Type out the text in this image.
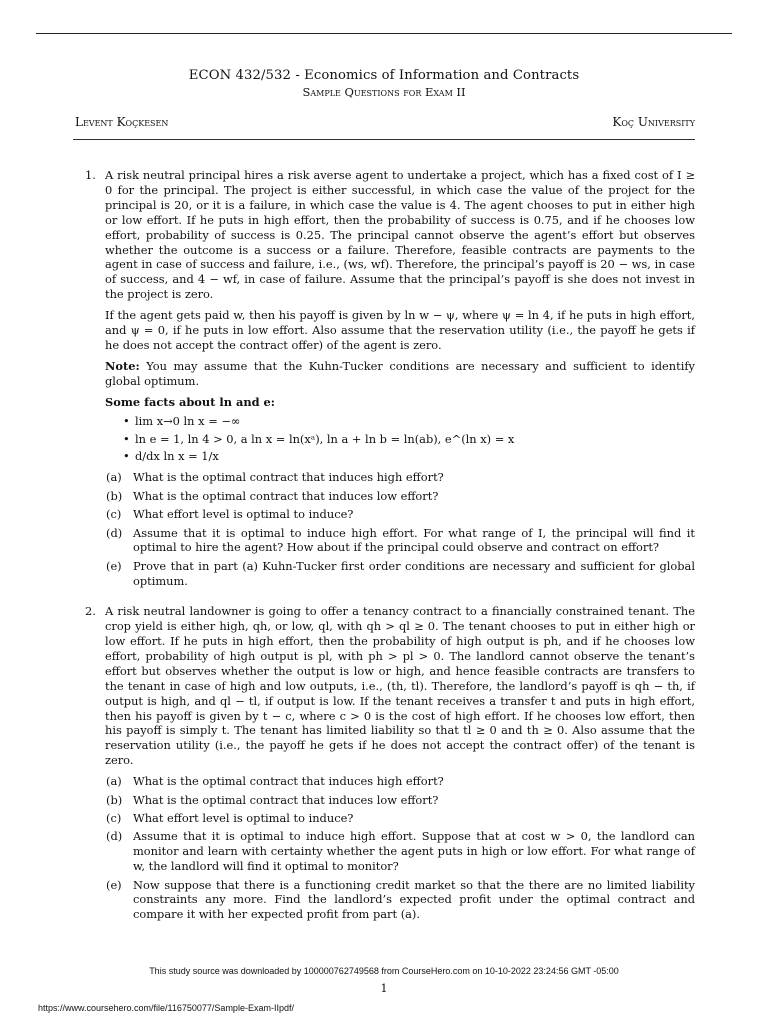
ECON 432/532 - Economics of Information and Contracts
Sample Questions for Exam II
Levent Koçkesen	Koç University
1. A risk neutral principal hires a risk averse agent to undertake a project, which has a fixed cost of I ≥ 0 for the principal. The project is either successful, in which case the value of the project for the principal is 20, or it is a failure, in which case the value is 4. The agent chooses to put in either high or low effort. If he puts in high effort, then the probability of success is 0.75, and if he chooses low effort, probability of success is 0.25. The principal cannot observe the agent’s effort but observes whether the outcome is a success or a failure. Therefore, feasible contracts are payments to the agent in case of success and failure, i.e., (ws, wf). Therefore, the principal’s payoff is 20 − ws, in case of success, and 4 − wf, in case of failure. Assume that the principal’s payoff is she does not invest in the project is zero.

If the agent gets paid w, then his payoff is given by ln w − ψ, where ψ = ln 4, if he puts in high effort, and ψ = 0, if he puts in low effort. Also assume that the reservation utility (i.e., the payoff he gets if he does not accept the contract offer) of the agent is zero.

Note: You may assume that the Kuhn-Tucker conditions are necessary and sufficient to identify global optimum.

Some facts about ln and e:
• lim x→0 ln x = −∞
• ln e = 1, ln 4 > 0, a ln x = ln(xᵃ), ln a + ln b = ln(ab), e^(ln x) = x
• d/dx ln x = 1/x
(a) What is the optimal contract that induces high effort?
(b) What is the optimal contract that induces low effort?
(c) What effort level is optimal to induce?
(d) Assume that it is optimal to induce high effort. For what range of I, the principal will find it optimal to hire the agent? How about if the principal could observe and contract on effort?
(e) Prove that in part (a) Kuhn-Tucker first order conditions are necessary and sufficient for global optimum.
2. A risk neutral landowner is going to offer a tenancy contract to a financially constrained tenant. The crop yield is either high, qh, or low, ql, with qh > ql ≥ 0. The tenant chooses to put in either high or low effort. If he puts in high effort, then the probability of high output is ph, and if he chooses low effort, probability of high output is pl, with ph > pl > 0. The landlord cannot observe the tenant’s effort but observes whether the output is low or high, and hence feasible contracts are transfers to the tenant in case of high and low outputs, i.e., (th, tl). Therefore, the landlord’s payoff is qh − th, if output is high, and ql − tl, if output is low. If the tenant receives a transfer t and puts in high effort, then his payoff is given by t − c, where c > 0 is the cost of high effort. If he chooses low effort, then his payoff is simply t. The tenant has limited liability so that tl ≥ 0 and th ≥ 0. Also assume that the reservation utility (i.e., the payoff he gets if he does not accept the contract offer) of the tenant is zero.

(a) What is the optimal contract that induces high effort?
(b) What is the optimal contract that induces low effort?
(c) What effort level is optimal to induce?
(d) Assume that it is optimal to induce high effort. Suppose that at cost w > 0, the landlord can monitor and learn with certainty whether the agent puts in high or low effort. For what range of w, the landlord will find it optimal to monitor?
(e) Now suppose that there is a functioning credit market so that the there are no limited liability constraints any more. Find the landlord’s expected profit under the optimal contract and compare it with her expected profit from part (a).
This study source was downloaded by 100000762749568 from CourseHero.com on 10-10-2022 23:24:56 GMT -05:00
1
https://www.coursehero.com/file/116750077/Sample-Exam-IIpdf/
